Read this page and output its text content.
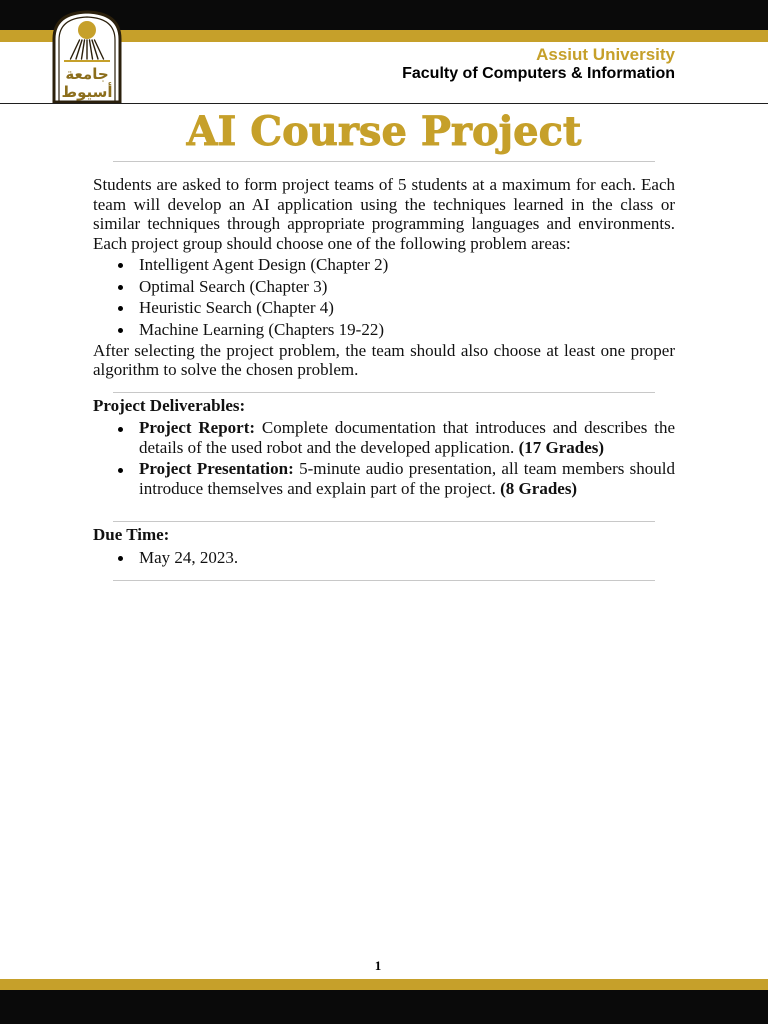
جامعة
أسيوط
Assiut University
Faculty of Computers & Information
AI Course Project

Students are asked to form project teams of 5 students at a maximum for each. Each team will develop an AI application using the techniques learned in the class or similar techniques through appropriate programming languages and environments. Each project group should choose one of the following problem areas:

Intelligent Agent Design (Chapter 2)
Optimal Search (Chapter 3)
Heuristic Search (Chapter 4)
Machine Learning (Chapters 19-22)

After selecting the project problem, the team should also choose at least one proper algorithm to solve the chosen problem.

Project Deliverables:
Project Report: Complete documentation that introduces and describes the details of the used robot and the developed application. (17 Grades)
Project Presentation: 5-minute audio presentation, all team members should introduce themselves and explain part of the project. (8 Grades)
Due Time:
May 24, 2023.
1
